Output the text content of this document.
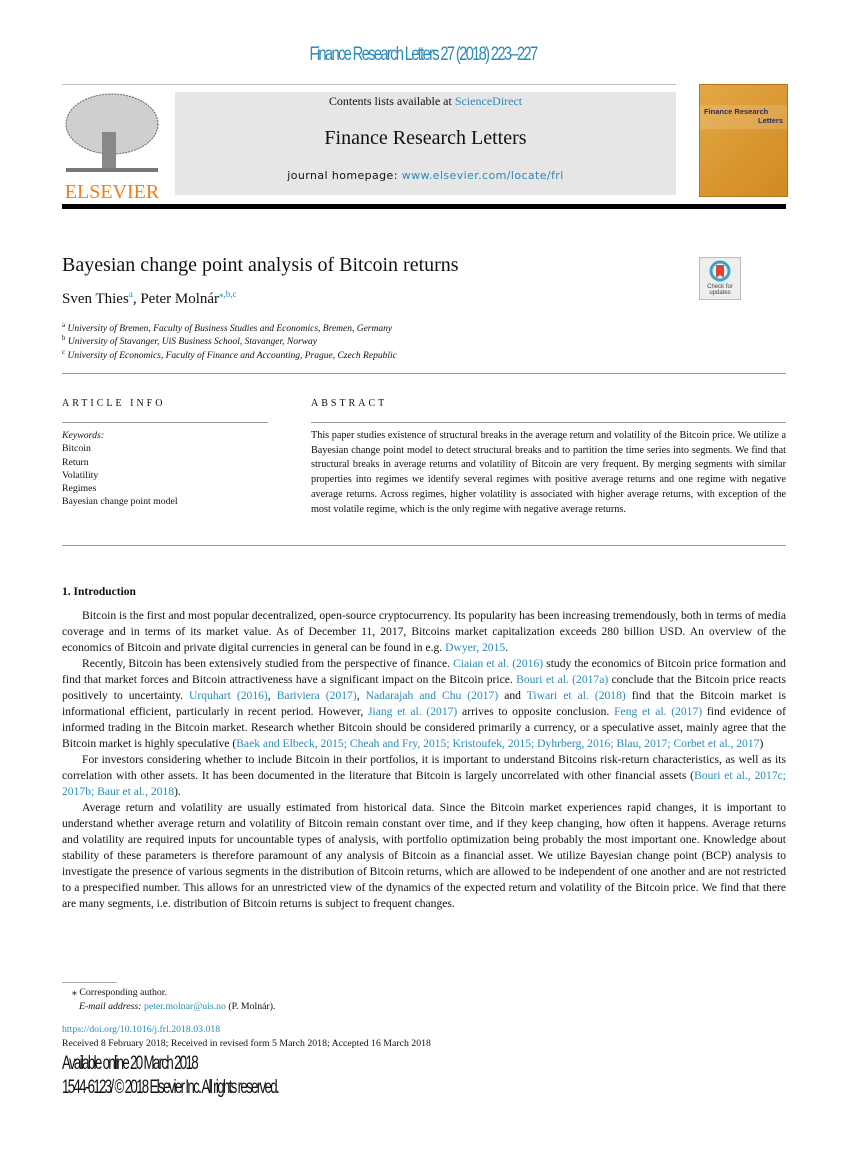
Finance Research Letters 27 (2018) 223–227
ELSEVIER
Contents lists available at ScienceDirect
Finance Research Letters
journal homepage: www.elsevier.com/locate/frl
Finance Research
Letters
Bayesian change point analysis of Bitcoin returns
Check for
updates
Sven Thies$^a$, Peter Molnár$^{⁎,b,c}$
$^a$ University of Bremen, Faculty of Business Studies and Economics, Bremen, Germany
$^b$ University of Stavanger, UiS Business School, Stavanger, Norway
$^c$ University of Economics, Faculty of Finance and Accounting, Prague, Czech Republic
ARTICLE INFO	ABSTRACT
Keywords:
Bitcoin
Return
Volatility
Regimes
Bayesian change point model
This paper studies existence of structural breaks in the average return and volatility of the Bitcoin price. We utilize a Bayesian change point model to detect structural breaks and to partition the time series into segments. We find that structural breaks in average returns and volatility of Bitcoin are very frequent. By merging segments with similar properties into regimes we identify several regimes with positive average returns and one regime with negative average returns. Across regimes, higher volatility is associated with higher average returns, with exception of the most volatile regime, which is the only regime with negative average returns.
1. Introduction

Bitcoin is the first and most popular decentralized, open-source cryptocurrency. Its popularity has been increasing tremendously, both in terms of media coverage and in terms of its market value. As of December 11, 2017, Bitcoins market capitalization exceeds 280 billion USD. An overview of the economics of Bitcoin and private digital currencies in general can be found in e.g. Dwyer, 2015.

Recently, Bitcoin has been extensively studied from the perspective of finance. Ciaian et al. (2016) study the economics of Bitcoin price formation and find that market forces and Bitcoin attractiveness have a significant impact on the Bitcoin price. Bouri et al. (2017a) conclude that the Bitcoin price reacts positively to uncertainty. Urquhart (2016), Bariviera (2017), Nadarajah and Chu (2017) and Tiwari et al. (2018) find that the Bitcoin market is informational efficient, particularly in recent period. However, Jiang et al. (2017) arrives to opposite conclusion. Feng et al. (2017) find evidence of informed trading in the Bitcoin market. Research whether Bitcoin should be considered primarily a currency, or a speculative asset, mainly agree that the Bitcoin market is highly speculative (Baek and Elbeck, 2015; Cheah and Fry, 2015; Kristoufek, 2015; Dyhrberg, 2016; Blau, 2017; Corbet et al., 2017)

For investors considering whether to include Bitcoin in their portfolios, it is important to understand Bitcoins risk-return characteristics, as well as its correlation with other assets. It has been documented in the literature that Bitcoin is largely uncorrelated with other financial assets (Bouri et al., 2017c; 2017b; Baur et al., 2018).

Average return and volatility are usually estimated from historical data. Since the Bitcoin market experiences rapid changes, it is important to understand whether average return and volatility of Bitcoin remain constant over time, and if they keep changing, how often it happens. Average returns and volatility are required inputs for uncountable types of analysis, with portfolio optimization being probably the most important one. Knowledge about stability of these parameters is therefore paramount of any analysis of Bitcoin as a financial asset. We utilize Bayesian change point (BCP) analysis to investigate the presence of various segments in the distribution of Bitcoin returns, which are allowed to be independent of one another and are not restricted to a prespecified number. This allows for an unrestricted view of the dynamics of the expected return and volatility of the Bitcoin price. We find that there are many segments, i.e. distribution of Bitcoin returns is subject to frequent changes.

⁎ Corresponding author.
E-mail address: peter.molnar@uis.no (P. Molnár).
https://doi.org/10.1016/j.frl.2018.03.018
Received 8 February 2018; Received in revised form 5 March 2018; Accepted 16 March 2018
Available online 20 March 2018
1544-6123/ © 2018 Elsevier Inc. All rights reserved.
